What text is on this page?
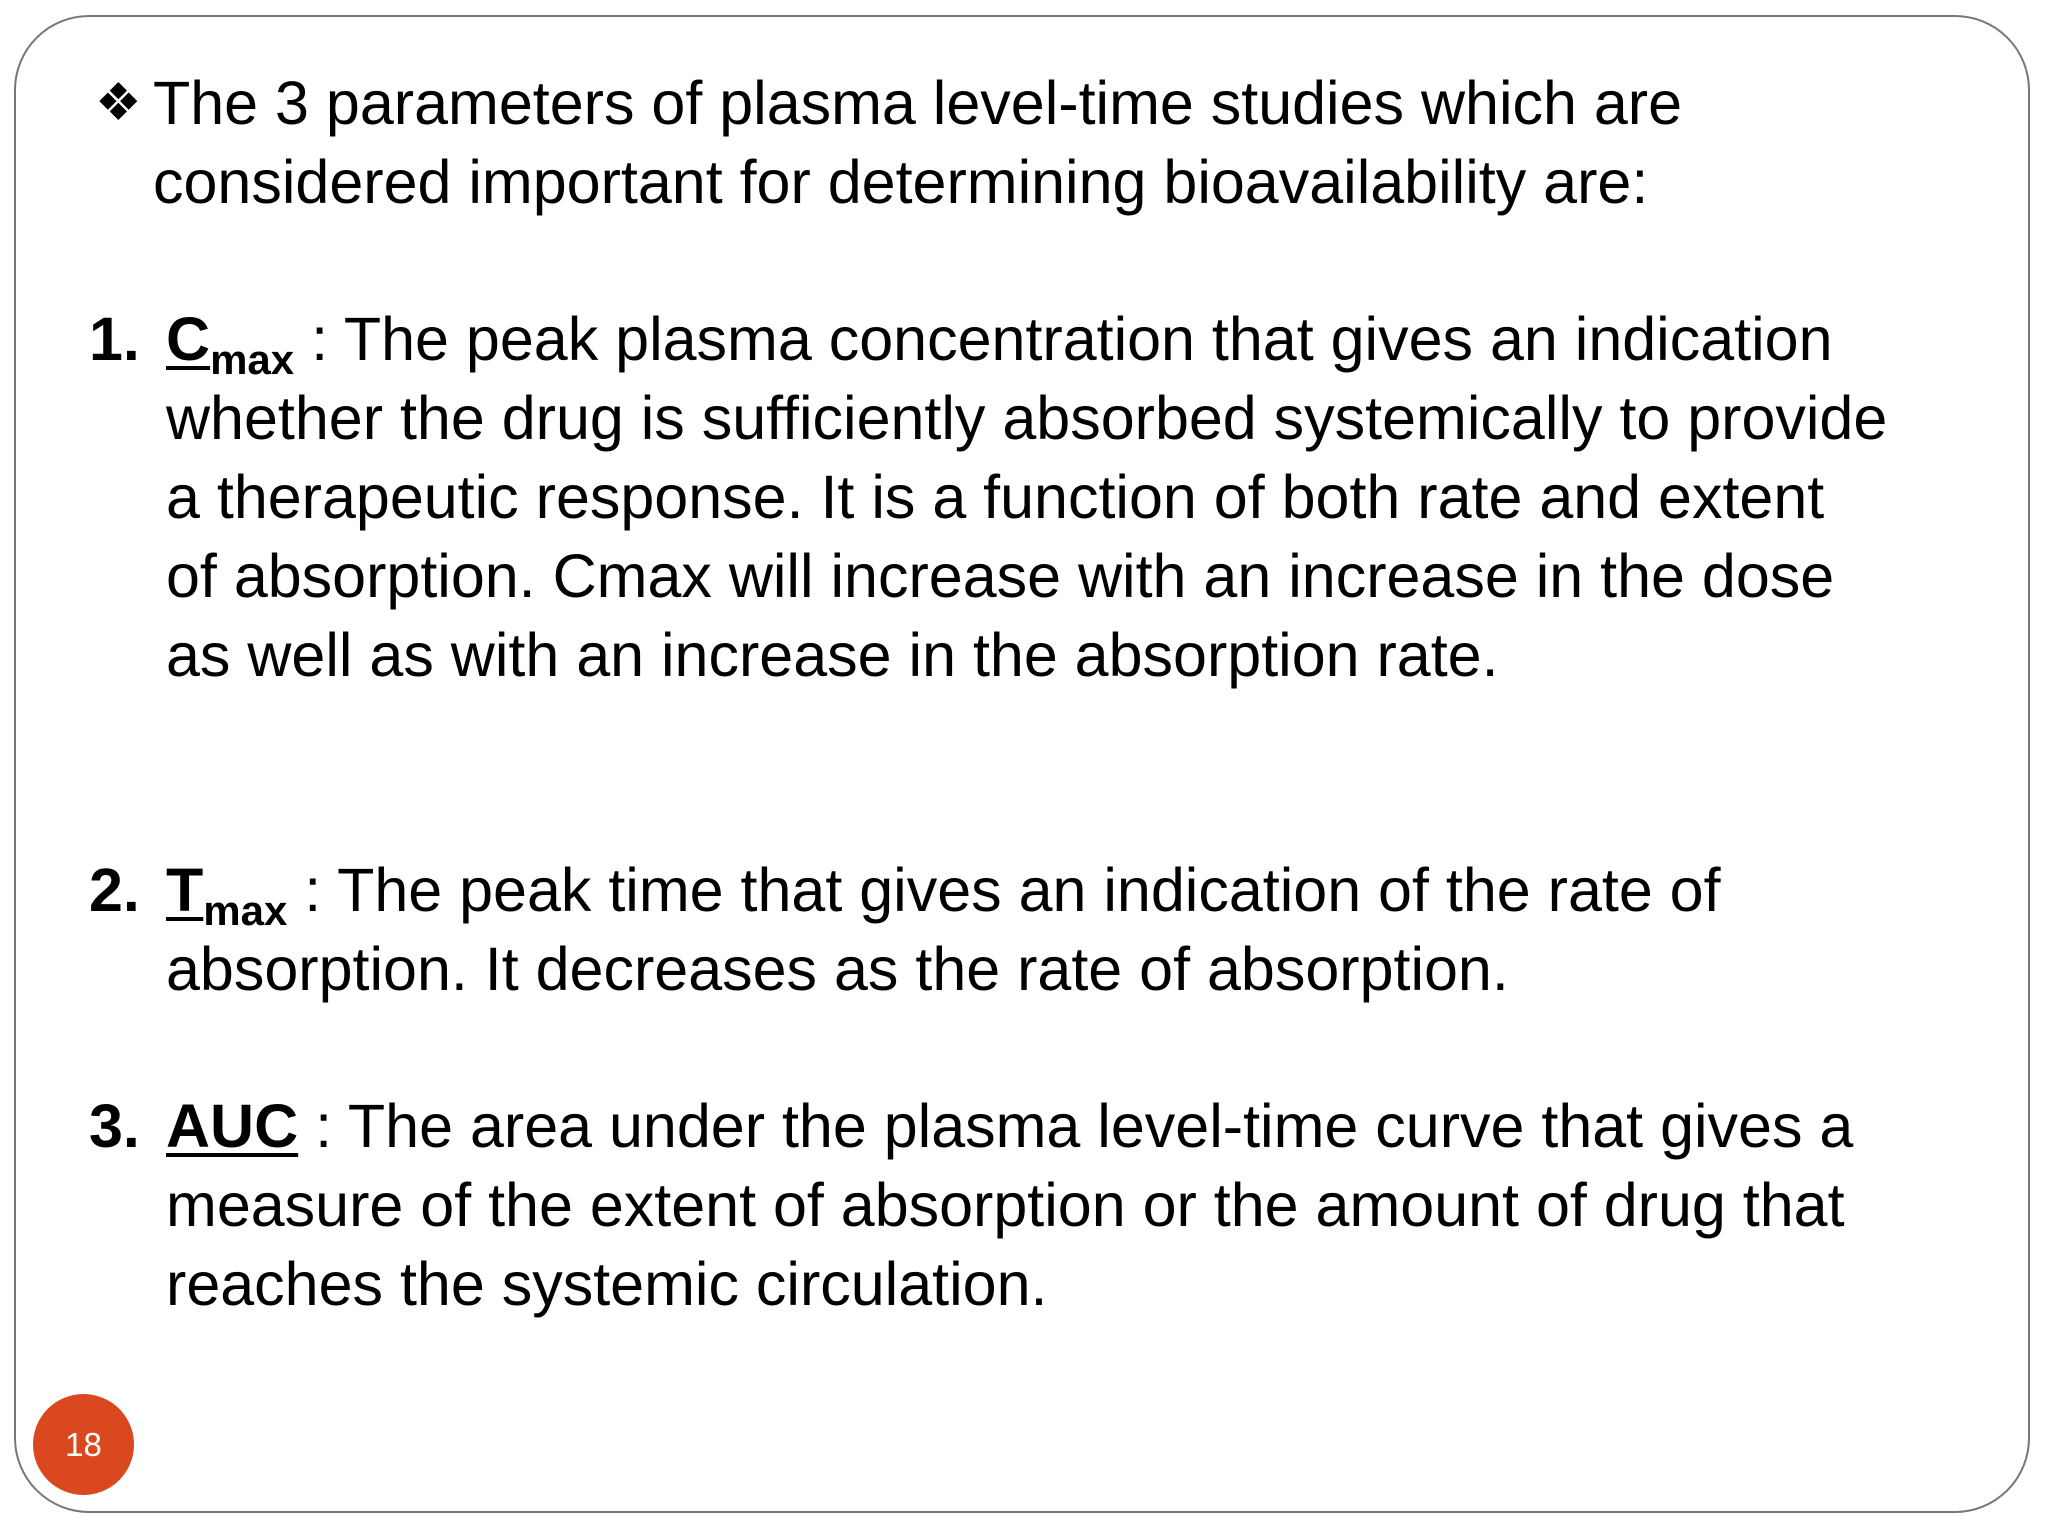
❖ The 3 parameters of plasma level-time studies which are considered important for determining bioavailability are:
1. $C_{max}$ : The peak plasma concentration that gives an indication whether the drug is sufficiently absorbed systemically to provide a therapeutic response. It is a function of both rate and extent of absorption. Cmax will increase with an increase in the dose as well as with an increase in the absorption rate.
2. $T_{max}$ : The peak time that gives an indication of the rate of absorption. It decreases as the rate of absorption.
3. AUC : The area under the plasma level-time curve that gives a measure of the extent of absorption or the amount of drug that reaches the systemic circulation.
18
